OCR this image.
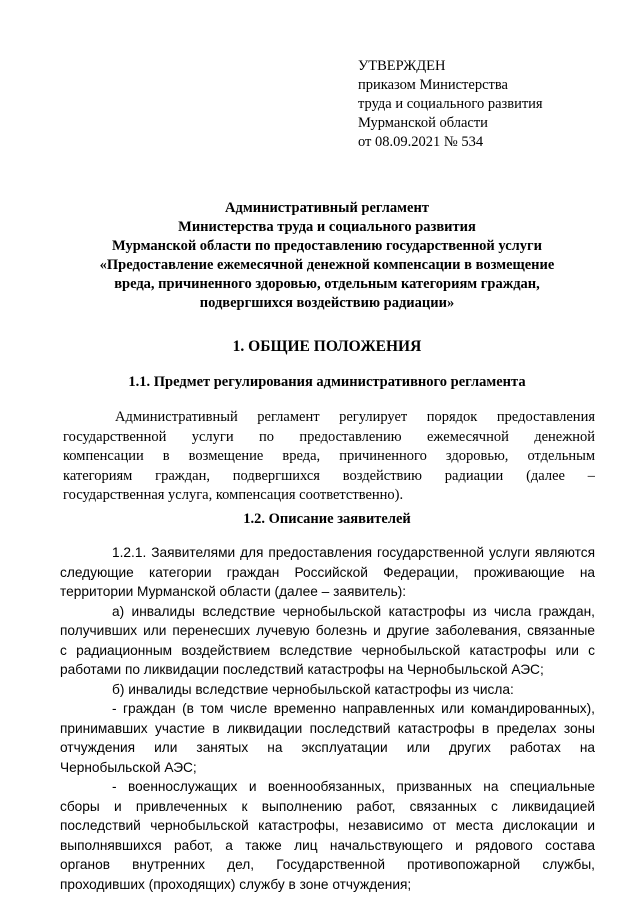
УТВЕРЖДЕН
приказом Министерства
труда и социального развития
Мурманской области
от 08.09.2021 № 534
Административный регламент
Министерства труда и социального развития
Мурманской области по предоставлению государственной услуги
«Предоставление ежемесячной денежной компенсации в возмещение
вреда, причиненного здоровью, отдельным категориям граждан,
подвергшихся воздействию радиации»
1. ОБЩИЕ ПОЛОЖЕНИЯ
1.1. Предмет регулирования административного регламента
Административный регламент регулирует порядок предоставления
государственной услуги по предоставлению ежемесячной денежной
компенсации в возмещение вреда, причиненного здоровью, отдельным
категориям граждан, подвергшихся воздействию радиации (далее –
государственная услуга, компенсация соответственно).
1.2. Описание заявителей
1.2.1. Заявителями для предоставления государственной услуги являются
следующие категории граждан Российской Федерации, проживающие на
территории Мурманской области (далее – заявитель):
а) инвалиды вследствие чернобыльской катастрофы из числа граждан,
получивших или перенесших лучевую болезнь и другие заболевания, связанные
с радиационным воздействием вследствие чернобыльской катастрофы или с
работами по ликвидации последствий катастрофы на Чернобыльской АЭС;
б) инвалиды вследствие чернобыльской катастрофы из числа:
- граждан (в том числе временно направленных или командированных),
принимавших участие в ликвидации последствий катастрофы в пределах зоны
отчуждения или занятых на эксплуатации или других работах на
Чернобыльской АЭС;
- военнослужащих и военнообязанных, призванных на специальные
сборы и привлеченных к выполнению работ, связанных с ликвидацией
последствий чернобыльской катастрофы, независимо от места дислокации и
выполнявшихся работ, а также лиц начальствующего и рядового состава
органов внутренних дел, Государственной противопожарной службы,
проходивших (проходящих) службу в зоне отчуждения;
